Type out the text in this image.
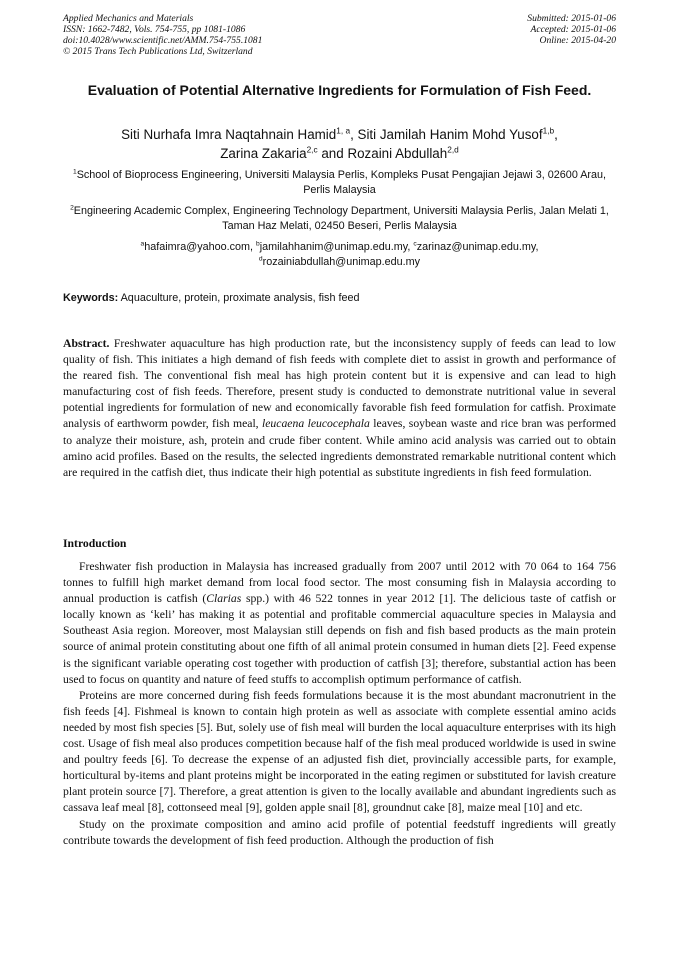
Applied Mechanics and Materials
ISSN: 1662-7482, Vols. 754-755, pp 1081-1086
doi:10.4028/www.scientific.net/AMM.754-755.1081
© 2015 Trans Tech Publications Ltd, Switzerland
Submitted: 2015-01-06
Accepted: 2015-01-06
Online: 2015-04-20
Evaluation of Potential Alternative Ingredients for Formulation of Fish Feed.
Siti Nurhafa Imra Naqtahnain Hamid$^{1, a}$, Siti Jamilah Hanim Mohd Yusof$^{1,b}$,
Zarina Zakaria$^{2,c}$ and Rozaini Abdullah$^{2,d}$
$^1$School of Bioprocess Engineering, Universiti Malaysia Perlis, Kompleks Pusat Pengajian Jejawi 3, 02600 Arau, Perlis Malaysia
$^2$Engineering Academic Complex, Engineering Technology Department, Universiti Malaysia Perlis, Jalan Melati 1, Taman Haz Melati, 02450 Beseri, Perlis Malaysia
$^a$hafaimra@yahoo.com, $^b$jamilahhanim@unimap.edu.my, $^c$zarinaz@unimap.edu.my,
$^d$rozainiabdullah@unimap.edu.my
Keywords: Aquaculture, protein, proximate analysis, fish feed

Abstract. Freshwater aquaculture has high production rate, but the inconsistency supply of feeds can lead to low quality of fish. This initiates a high demand of fish feeds with complete diet to assist in growth and performance of the reared fish. The conventional fish meal has high protein content but it is expensive and can lead to high manufacturing cost of fish feeds. Therefore, present study is conducted to demonstrate nutritional value in several potential ingredients for formulation of new and economically favorable fish feed formulation for catfish. Proximate analysis of earthworm powder, fish meal, leucaena leucocephala leaves, soybean waste and rice bran was performed to analyze their moisture, ash, protein and crude fiber content. While amino acid analysis was carried out to obtain amino acid profiles. Based on the results, the selected ingredients demonstrated remarkable nutritional content which are required in the catfish diet, thus indicate their high potential as substitute ingredients in fish feed formulation.

Introduction

Freshwater fish production in Malaysia has increased gradually from 2007 until 2012 with 70 064 to 164 756 tonnes to fulfill high market demand from local food sector. The most consuming fish in Malaysia according to annual production is catfish (Clarias spp.) with 46 522 tonnes in year 2012 [1]. The delicious taste of catfish or locally known as ‘keli’ has making it as potential and profitable commercial aquaculture species in Malaysia and Southeast Asia region. Moreover, most Malaysian still depends on fish and fish based products as the main protein source of animal protein constituting about one fifth of all animal protein consumed in human diets [2]. Feed expense is the significant variable operating cost together with production of catfish [3]; therefore, substantial action has been used to focus on quantity and nature of feed stuffs to accomplish optimum performance of catfish.

Proteins are more concerned during fish feeds formulations because it is the most abundant macronutrient in the fish feeds [4]. Fishmeal is known to contain high protein as well as associate with complete essential amino acids needed by most fish species [5]. But, solely use of fish meal will burden the local aquaculture enterprises with its high cost. Usage of fish meal also produces competition because half of the fish meal produced worldwide is used in swine and poultry feeds [6]. To decrease the expense of an adjusted fish diet, provincially accessible parts, for example, horticultural by-items and plant proteins might be incorporated in the eating regimen or substituted for lavish creature plant protein source [7]. Therefore, a great attention is given to the locally available and abundant ingredients such as cassava leaf meal [8], cottonseed meal [9], golden apple snail [8], groundnut cake [8], maize meal [10] and etc.

Study on the proximate composition and amino acid profile of potential feedstuff ingredients will greatly contribute towards the development of fish feed production. Although the production of fish
